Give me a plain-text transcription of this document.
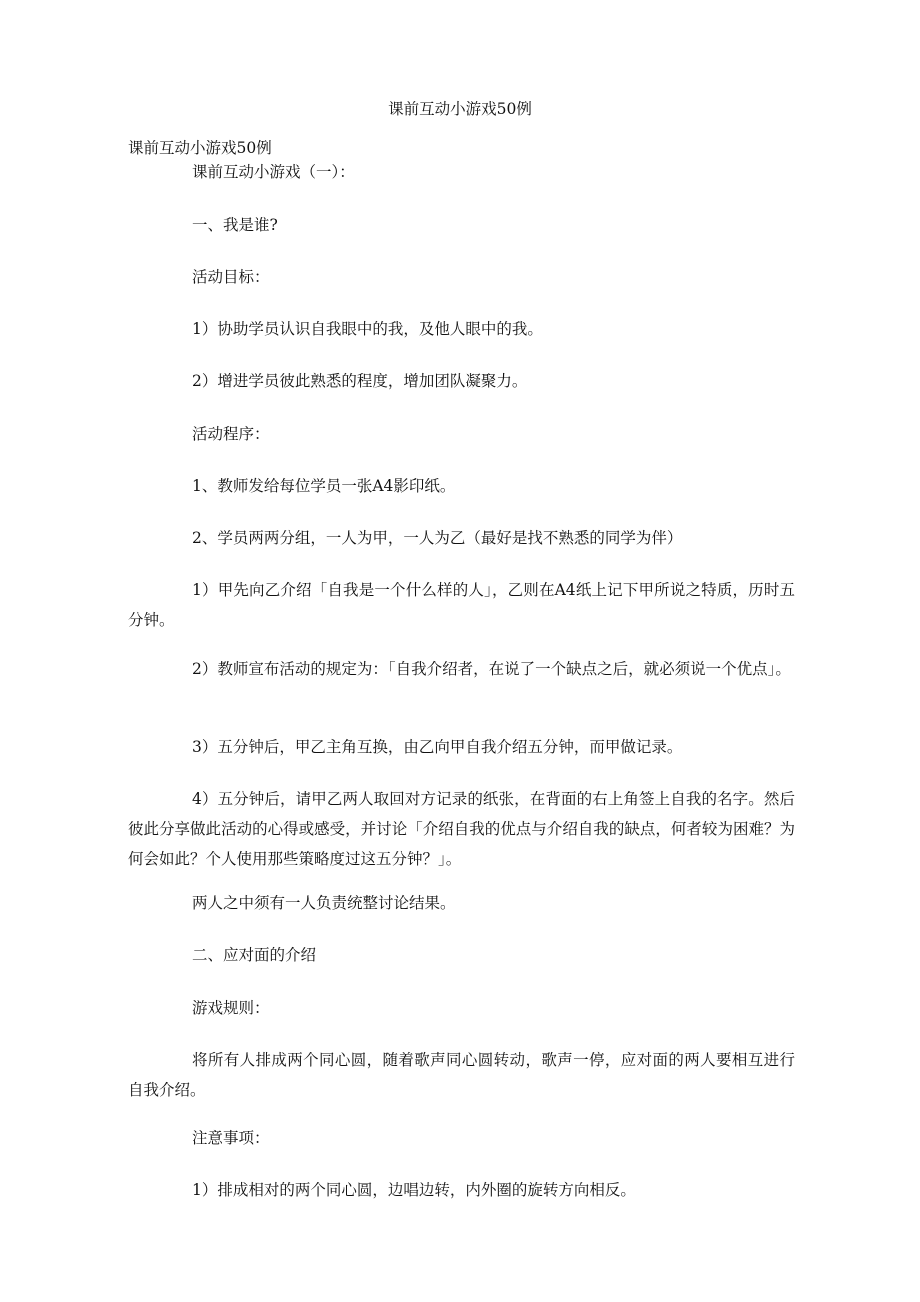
课前互动小游戏50例
课前互动小游戏50例
课前互动小游戏（一）：
一、我是谁?
活动目标：
1）协助学员认识自我眼中的我，及他人眼中的我。
2）增进学员彼此熟悉的程度，增加团队凝聚力。
活动程序：
1、教师发给每位学员一张A4影印纸。
2、学员两两分组，一人为甲，一人为乙（最好是找不熟悉的同学为伴）
1）甲先向乙介绍「自我是一个什么样的人」，乙则在A4纸上记下甲所说之特质，历时五分钟。
2）教师宣布活动的规定为：「自我介绍者，在说了一个缺点之后，就必须说一个优点」。
3）五分钟后，甲乙主角互换，由乙向甲自我介绍五分钟，而甲做记录。
4）五分钟后，请甲乙两人取回对方记录的纸张，在背面的右上角签上自我的名字。然后彼此分享做此活动的心得或感受，并讨论「介绍自我的优点与介绍自我的缺点，何者较为困难？为何会如此？个人使用那些策略度过这五分钟？」。
两人之中须有一人负责统整讨论结果。
二、应对面的介绍
游戏规则：
将所有人排成两个同心圆，随着歌声同心圆转动，歌声一停，应对面的两人要相互进行自我介绍。
注意事项：
1）排成相对的两个同心圆，边唱边转，内外圈的旋转方向相反。
